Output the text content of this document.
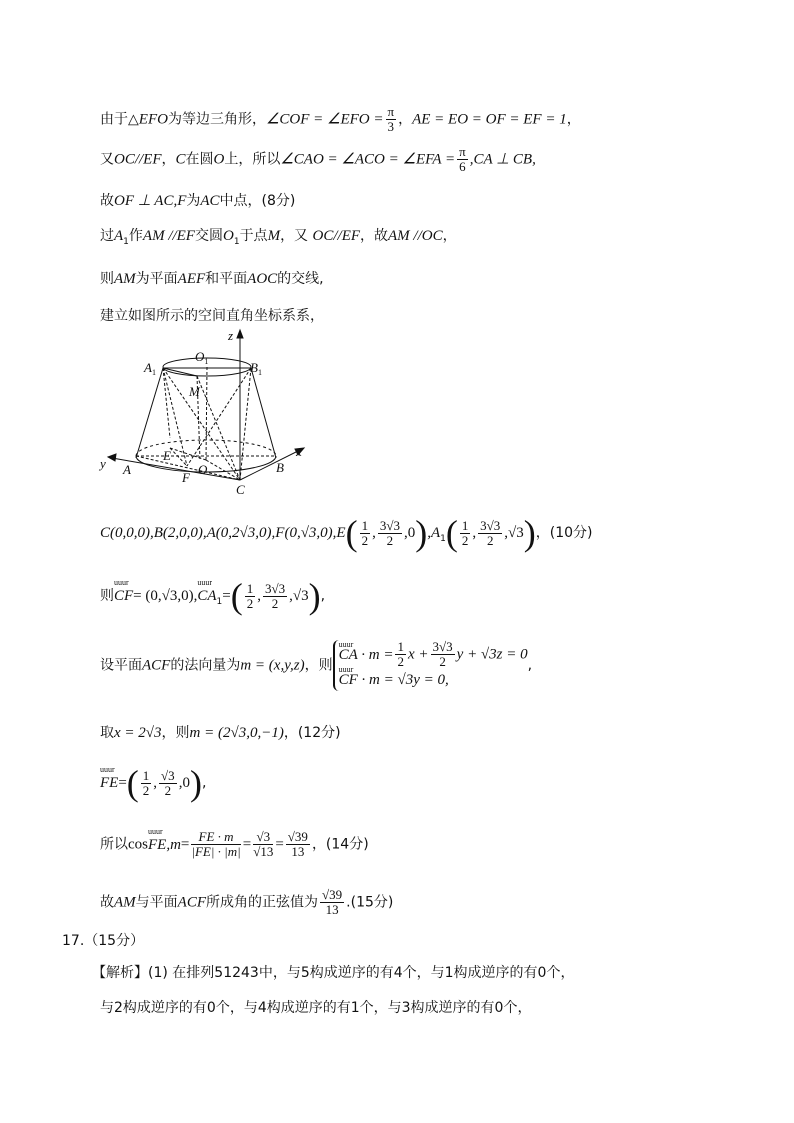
由于△EFO为等边三角形，∠COF = ∠EFO = $\frac{\pi}{3}$ ，AE = EO = OF = EF = 1，
又OC//EF，C在圆O上，所以∠CAO = ∠ACO = ∠EFA = $\frac{\pi}{6} ,CA$ ⊥ CB,
故OF ⊥ AC,F为AC中点，(8分)
过$A_1$作AM //EF交圆$O_1$于点M，又 OC//EF，故AM //OC，
则AM为平面AEF和平面AOC的交线,
建立如图所示的空间直角坐标系系，
z
$O_1$
$A_1$	$B_1$
M
E
O
F
C
A	B
x
y
$C(0,0,0),B(2,0,0),A(0,2√3,0),F(0,√3,0),E( \frac{1}{2}$ , $\frac{3√3}{2} ,0),A_1( \frac{1}{2}$ , $\frac{3√3}{2} ,√3$)，(10分)
则uuur CF= (0,√3,0),uuur $CA_1=( \frac{1}{2}$ , $\frac{3√3}{2} ,√3$),
设平面ACF的法向量为m = (x,y,z)，则
uuur CA · $m = \frac{1}{2}$ $x + \frac{3√3}{2}$ y + √3z = 0
uuur CF · m = √3y = 0,
,
取x = 2√3，则m = (2√3,0,−1)，(12分)
uuur $FE=( \frac{1}{2}$ , $\frac{√3}{2} ,0$),
所以cosuuur $FE,m= \frac{FE \cdot m}{|FE| \cdot |m|} = \frac{√3}{√13} = \frac{√39}{13}$ ，(14分)
故AM与平面ACF所成角的正弦值为 $\frac{√39}{13} .(15$分)
17.（15分）
【解析】(1) 在排列51243中，与5构成逆序的有4个，与1构成逆序的有0个，
与2构成逆序的有0个，与4构成逆序的有1个，与3构成逆序的有0个，
